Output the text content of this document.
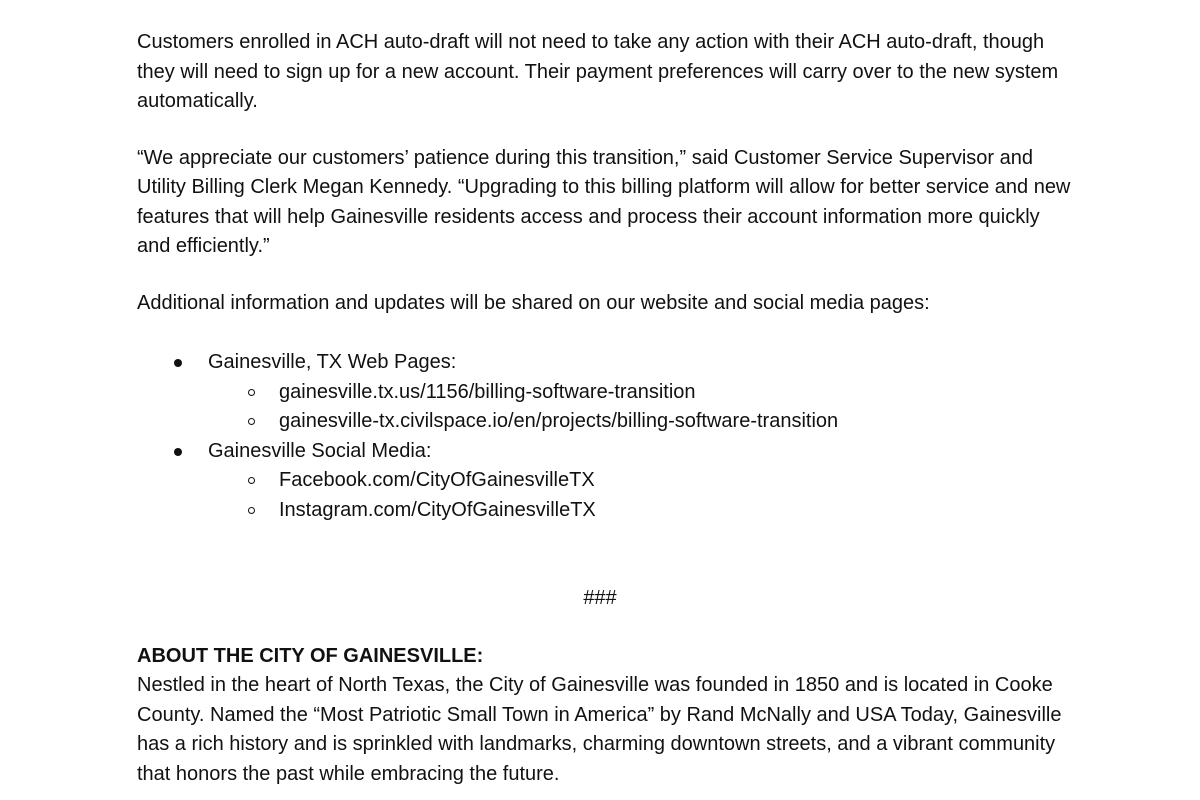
Customers enrolled in ACH auto-draft will not need to take any action with their ACH auto-draft, though they will need to sign up for a new account. Their payment preferences will carry over to the new system automatically.

“We appreciate our customers’ patience during this transition,” said Customer Service Supervisor and Utility Billing Clerk Megan Kennedy. “Upgrading to this billing platform will allow for better service and new features that will help Gainesville residents access and process their account information more quickly and efficiently.”

Additional information and updates will be shared on our website and social media pages:

Gainesville, TX Web Pages:
gainesville.tx.us/1156/billing-software-transition
gainesville-tx.civilspace.io/en/projects/billing-software-transition
Gainesville Social Media:
Facebook.com/CityOfGainesvilleTX
Instagram.com/CityOfGainesvilleTX

###

ABOUT THE CITY OF GAINESVILLE:

Nestled in the heart of North Texas, the City of Gainesville was founded in 1850 and is located in Cooke County. Named the “Most Patriotic Small Town in America” by Rand McNally and USA Today, Gainesville has a rich history and is sprinkled with landmarks, charming downtown streets, and a vibrant community that honors the past while embracing the future.
